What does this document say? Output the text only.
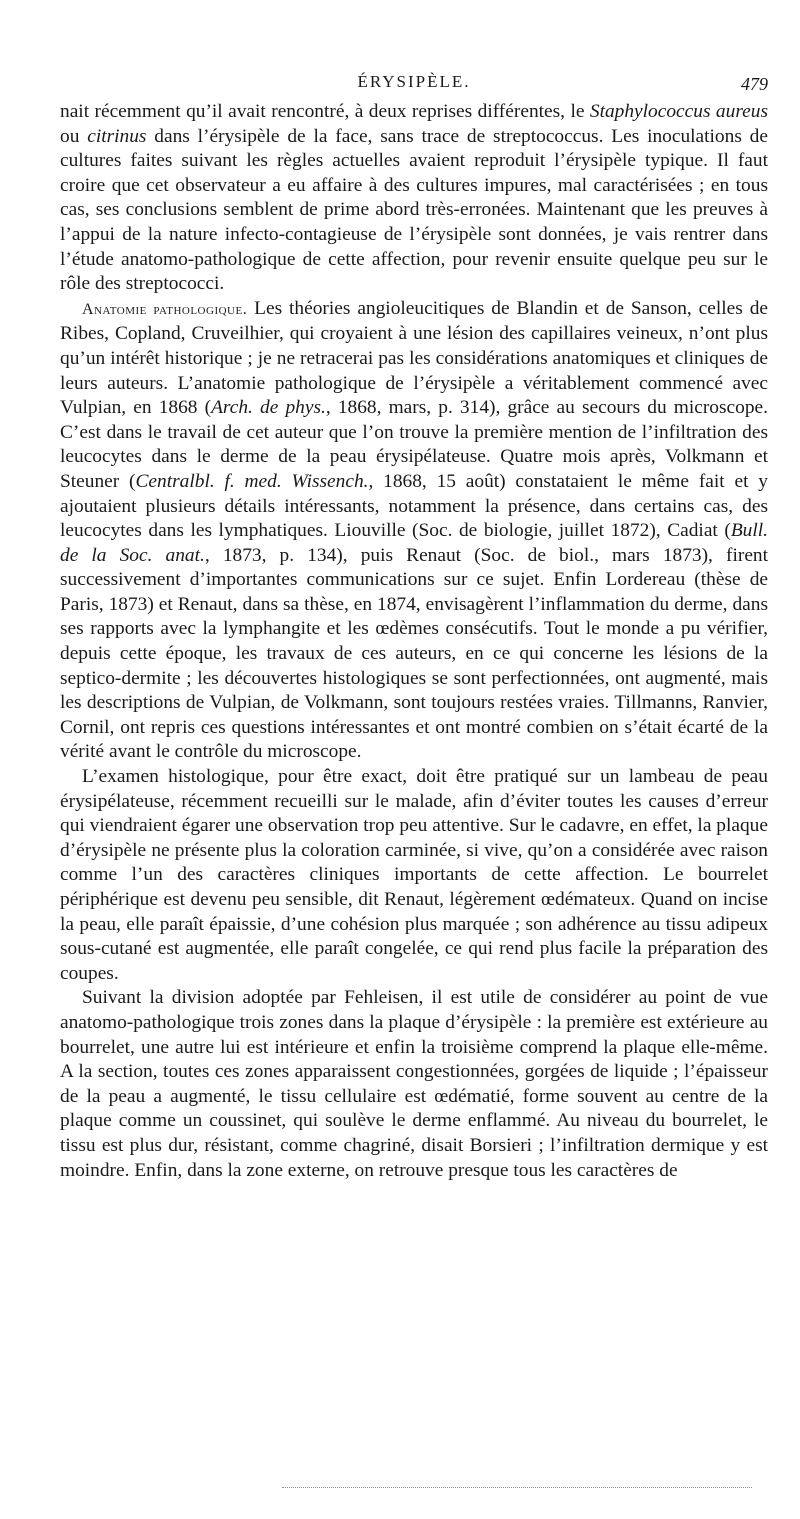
ÉRYSIPÈLE.	479

nait récemment qu’il avait rencontré, à deux reprises différentes, le Staphylococcus aureus ou citrinus dans l’érysipèle de la face, sans trace de streptococcus. Les inoculations de cultures faites suivant les règles actuelles avaient reproduit l’érysipèle typique. Il faut croire que cet observateur a eu affaire à des cultures impures, mal caractérisées ; en tous cas, ses conclusions semblent de prime abord très-erronées. Maintenant que les preuves à l’appui de la nature infecto-contagieuse de l’érysipèle sont données, je vais rentrer dans l’étude anatomo-pathologique de cette affection, pour revenir ensuite quelque peu sur le rôle des streptococci.

Anatomie pathologique. Les théories angioleucitiques de Blandin et de Sanson, celles de Ribes, Copland, Cruveilhier, qui croyaient à une lésion des capillaires veineux, n’ont plus qu’un intérêt historique ; je ne retracerai pas les considérations anatomiques et cliniques de leurs auteurs. L’anatomie pathologique de l’érysipèle a véritablement commencé avec Vulpian, en 1868 (Arch. de phys., 1868, mars, p. 314), grâce au secours du microscope. C’est dans le travail de cet auteur que l’on trouve la première mention de l’infiltration des leucocytes dans le derme de la peau érysipélateuse. Quatre mois après, Volkmann et Steuner (Centralbl. f. med. Wissench., 1868, 15 août) constataient le même fait et y ajoutaient plusieurs détails intéressants, notamment la présence, dans certains cas, des leucocytes dans les lymphatiques. Liouville (Soc. de biologie, juillet 1872), Cadiat (Bull. de la Soc. anat., 1873, p. 134), puis Renaut (Soc. de biol., mars 1873), firent successivement d’importantes communications sur ce sujet. Enfin Lordereau (thèse de Paris, 1873) et Renaut, dans sa thèse, en 1874, envisagèrent l’inflammation du derme, dans ses rapports avec la lymphangite et les œdèmes consécutifs. Tout le monde a pu vérifier, depuis cette époque, les travaux de ces auteurs, en ce qui concerne les lésions de la septico-dermite ; les découvertes histologiques se sont perfectionnées, ont augmenté, mais les descriptions de Vulpian, de Volkmann, sont toujours restées vraies. Tillmanns, Ranvier, Cornil, ont repris ces questions intéressantes et ont montré combien on s’était écarté de la vérité avant le contrôle du microscope.

L’examen histologique, pour être exact, doit être pratiqué sur un lambeau de peau érysipélateuse, récemment recueilli sur le malade, afin d’éviter toutes les causes d’erreur qui viendraient égarer une observation trop peu attentive. Sur le cadavre, en effet, la plaque d’érysipèle ne présente plus la coloration carminée, si vive, qu’on a considérée avec raison comme l’un des caractères cliniques importants de cette affection. Le bourrelet périphérique est devenu peu sensible, dit Renaut, légèrement œdémateux. Quand on incise la peau, elle paraît épaissie, d’une cohésion plus marquée ; son adhérence au tissu adipeux sous-cutané est augmentée, elle paraît congelée, ce qui rend plus facile la préparation des coupes.

Suivant la division adoptée par Fehleisen, il est utile de considérer au point de vue anatomo-pathologique trois zones dans la plaque d’érysipèle : la première est extérieure au bourrelet, une autre lui est intérieure et enfin la troisième comprend la plaque elle-même. A la section, toutes ces zones apparaissent congestionnées, gorgées de liquide ; l’épaisseur de la peau a augmenté, le tissu cellulaire est œdématié, forme souvent au centre de la plaque comme un coussinet, qui soulève le derme enflammé. Au niveau du bourrelet, le tissu est plus dur, résistant, comme chagriné, disait Borsieri ; l’infiltration dermique y est moindre. Enfin, dans la zone externe, on retrouve presque tous les caractères de
